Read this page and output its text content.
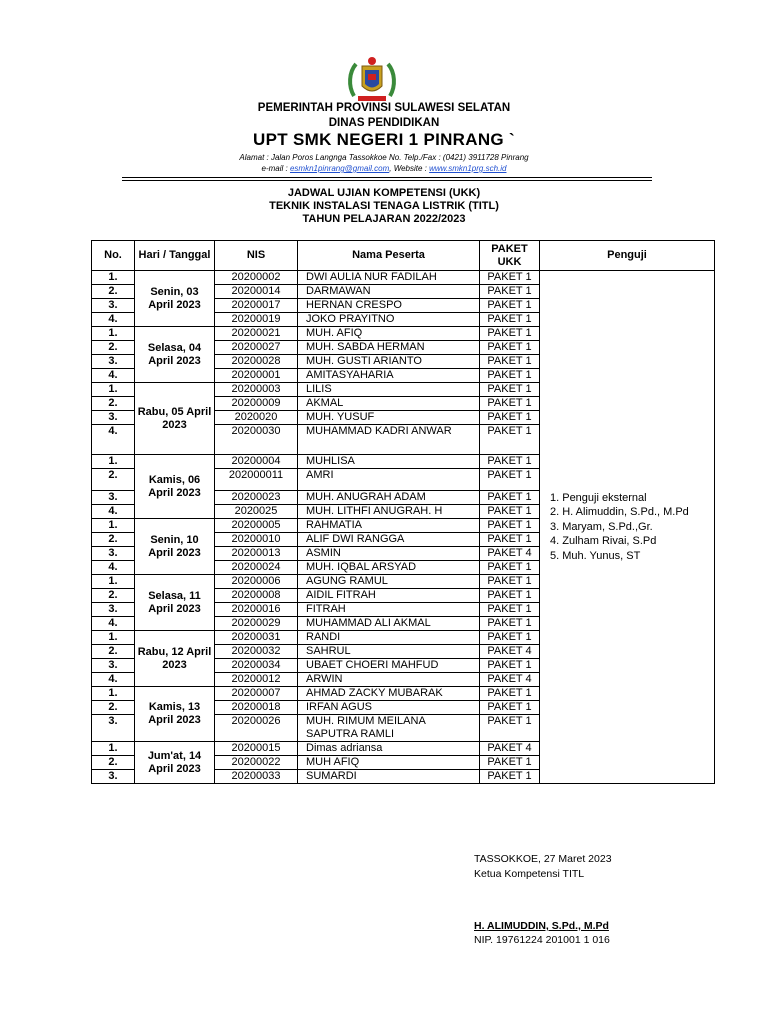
PEMERINTAH PROVINSI SULAWESI SELATAN
DINAS PENDIDIKAN
UPT SMK NEGERI 1 PINRANG `
Alamat : Jalan Poros Langnga Tassokkoe No. Telp./Fax : (0421) 3911728 Pinrang
e-mail : esmkn1pinrang@gmail.com, Website : www.smkn1prg.sch.id
JADWAL UJIAN KOMPETENSI (UKK)
TEKNIK INSTALASI TENAGA LISTRIK (TITL)
TAHUN PELAJARAN 2022/2023
No.	Hari / Tanggal	NIS	Nama Peserta	PAKET UKK	Penguji
1.	Senin, 03 April 2023	20200002	DWI AULIA NUR FADILAH	PAKET 1	1. Penguji eksternal
2. H. Alimuddin, S.Pd., M.Pd
3. Maryam, S.Pd.,Gr.
4. Zulham Rivai, S.Pd
5. Muh. Yunus, ST

2.		20200014	DARMAWAN	PAKET 1	
3.		20200017	HERNAN CRESPO	PAKET 1	
4.		20200019	JOKO PRAYITNO	PAKET 1	
1.	Selasa, 04 April 2023	20200021	MUH. AFIQ	PAKET 1	
2.		20200027	MUH. SABDA HERMAN	PAKET 1	
3.		20200028	MUH. GUSTI ARIANTO	PAKET 1	
4.		20200001	AMITASYAHARIA	PAKET 1	
1.	Rabu, 05 April 2023	20200003	LILIS	PAKET 1	
2.		20200009	AKMAL	PAKET 1	
3.		2020020	MUH. YUSUF	PAKET 1	
4.		20200030	MUHAMMAD KADRI ANWAR	PAKET 1	
1.	Kamis, 06 April 2023	20200004	MUHLISA	PAKET 1	
2.		202000011	AMRI	PAKET 1	
3.		20200023	MUH. ANUGRAH ADAM	PAKET 1	
4.		2020025	MUH. LITHFI ANUGRAH. H	PAKET 1	
1.	Senin, 10 April 2023	20200005	RAHMATIA	PAKET 1	
2.		20200010	ALIF DWI RANGGA	PAKET 1	
3.		20200013	ASMIN	PAKET 4	
4.		20200024	MUH. IQBAL ARSYAD	PAKET 1	
1.	Selasa, 11 April 2023	20200006	AGUNG RAMUL	PAKET 1	
2.		20200008	AIDIL FITRAH	PAKET 1	
3.		20200016	FITRAH	PAKET 1	
4.		20200029	MUHAMMAD ALI AKMAL	PAKET 1	
1.	Rabu, 12 April 2023	20200031	RANDI	PAKET 1	
2.		20200032	SAHRUL	PAKET 4	
3.		20200034	UBAET CHOERI MAHFUD	PAKET 1	
4.		20200012	ARWIN	PAKET 4	
1.	Kamis, 13 April 2023	20200007	AHMAD ZACKY MUBARAK	PAKET 1	
2.		20200018	IRFAN AGUS	PAKET 1	
3.		20200026	MUH. RIMUM MEILANA SAPUTRA RAMLI	PAKET 1	
1.	Jum'at, 14 April 2023	20200015	Dimas adriansa	PAKET 4	
2.		20200022	MUH AFIQ	PAKET 1	
3.		20200033	SUMARDI	PAKET 1	
TASSOKKOE, 27 Maret 2023
Ketua Kompetensi TITL
H. ALIMUDDIN, S.Pd., M.Pd
NIP. 19761224 201001 1 016
